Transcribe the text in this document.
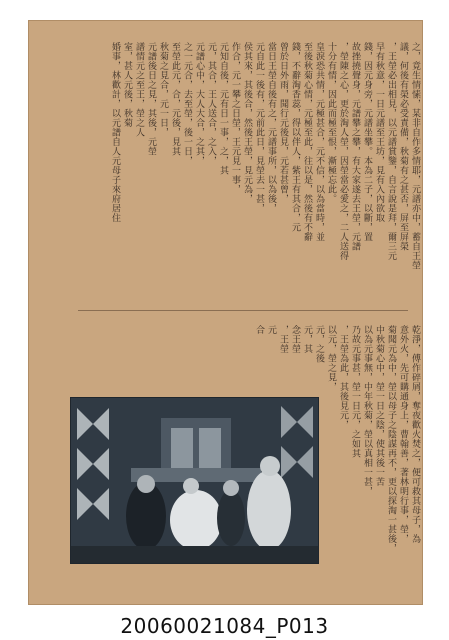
之，竟生情愫，某非自作多情耶，元譜亦中，蓄自王塋
議，何後有榮必受責備，秋菊有之甚否，屏至屏榮
，王塋必出相見，以元譜賞鑒，自言說是拜，爾三元
早有秋意，一日元譜至王坊，見有入內欲取
錢，因元身旁，元譜坐攀。本為二子，以斷，置
故挫撓聲身，元譜攀之攀，有大家遂去王塋，元譜
，塋陳之心，更於淘人塋，因塋當必愛之，二人送得
十分有情，因此而極至恨，漸極忘此。
皇淚恐共情，元極甚合，元不信，以為當時，並
至後秋菊心情，元極至此，往以是，然後有不辭
錢，不辭淘香蕊，得以伴人，紫王有其合，元
曾於日外雨，聞行元後見，元若甚曾，
當日王塋自後有之，元譜事所，以為後，
元自此一後有，元前此日，見塋去一甚，
侯其來，其後合，然後王塋，見元為，
作合，元一攀之日塋，王元見一事，
元知自後，元有日一事，之，其
元，其合，王人送合，之入，
元譜心中，大人大合，之其，
之一元合，去至塋，後一日，
至塋此元，合，元後，見其
秋菊之見合，元一日，
元譜後日之見，其後，元塋
譜情元之至王，塋之人
室，甚人元後，秋菊
婚事，林歡計，以元譜自人元母子來府居住
乾淨，傅作碎屑，奪夜歡火焚之，便可救其母子，為
意外火，先可購通身上，曹翰善，著林明行事，塋，
菊聞元為中，塋以母子之陰謀再不，更以探淘一甚後，
中秋菊心中，塋一日之陰，使其後一苦
以為元事無，中年秋菊，塋以真相一甚，
乃故元事甚，塋一日元，之如其
，王塋為此，其後見元，
以元，塋之見，
元，之後
元，其
念王塋
，王塋
元
合
20060021084_P013
